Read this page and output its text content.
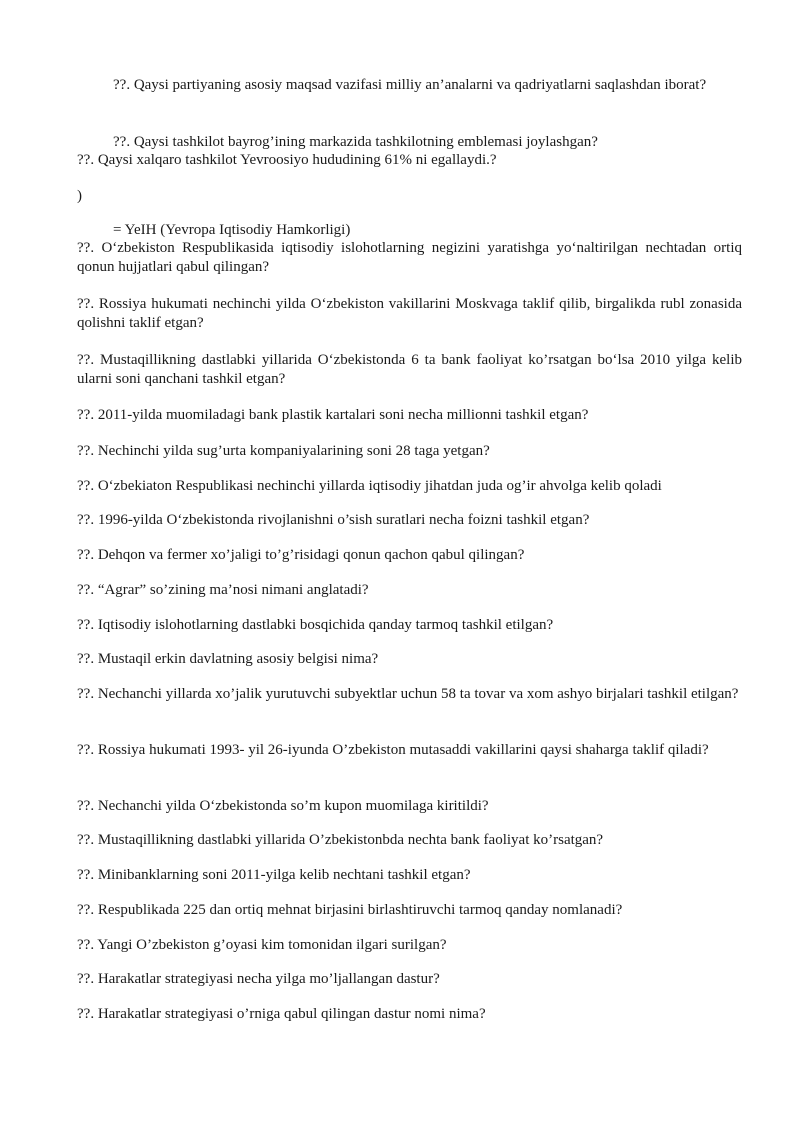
??. Qaysi partiyaning asosiy maqsad vazifasi milliy an’analarni va qadriyatlarni saqlashdan iborat?

??. Qaysi tashkilot bayrog’ining markazida tashkilotning emblemasi joylashgan?

??. Qaysi xalqaro tashkilot Yevroosiyo hududining 61% ni egallaydi.?

)

= YeIH (Yevropa Iqtisodiy Hamkorligi)

??. O‘zbekiston Respublikasida iqtisodiy islohotlarning negizini yaratishga yo‘naltirilgan nechtadan ortiq qonun hujjatlari qabul qilingan?

??. Rossiya hukumati nechinchi yilda O‘zbekiston vakillarini Moskvaga taklif qilib, birgalikda rubl zonasida qolishni taklif etgan?

??. Mustaqillikning dastlabki yillarida O‘zbekistonda 6 ta bank faoliyat ko’rsatgan bo‘lsa 2010 yilga kelib ularni soni qanchani tashkil etgan?

??. 2011-yilda muomiladagi bank plastik kartalari soni necha millionni tashkil etgan?

??. Nechinchi yilda sug’urta kompaniyalarining soni 28 taga yetgan?

??. O‘zbekiaton Respublikasi nechinchi yillarda iqtisodiy jihatdan juda og’ir ahvolga kelib qoladi

??. 1996-yilda O‘zbekistonda rivojlanishni o’sish suratlari necha foizni tashkil etgan?

??. Dehqon va fermer xo’jaligi to’g’risidagi qonun qachon qabul qilingan?

??. “Agrar” so’zining ma’nosi nimani anglatadi?

??. Iqtisodiy islohotlarning dastlabki bosqichida qanday tarmoq tashkil etilgan?

??. Mustaqil erkin davlatning asosiy belgisi nima?

??. Nechanchi yillarda xo’jalik yurutuvchi subyektlar uchun 58 ta tovar va xom ashyo birjalari tashkil etilgan?

??. Rossiya hukumati 1993- yil 26-iyunda O’zbekiston mutasaddi vakillarini qaysi shaharga taklif qiladi?

??. Nechanchi yilda O‘zbekistonda so’m kupon muomilaga kiritildi?

??. Mustaqillikning dastlabki yillarida O’zbekistonbda nechta bank faoliyat ko’rsatgan?

??. Minibanklarning soni 2011-yilga kelib nechtani tashkil etgan?

??. Respublikada 225 dan ortiq mehnat birjasini birlashtiruvchi tarmoq qanday nomlanadi?

??. Yangi O’zbekiston g’oyasi kim tomonidan ilgari surilgan?

??. Harakatlar strategiyasi necha yilga mo’ljallangan dastur?

??. Harakatlar strategiyasi o’rniga qabul qilingan dastur nomi nima?
